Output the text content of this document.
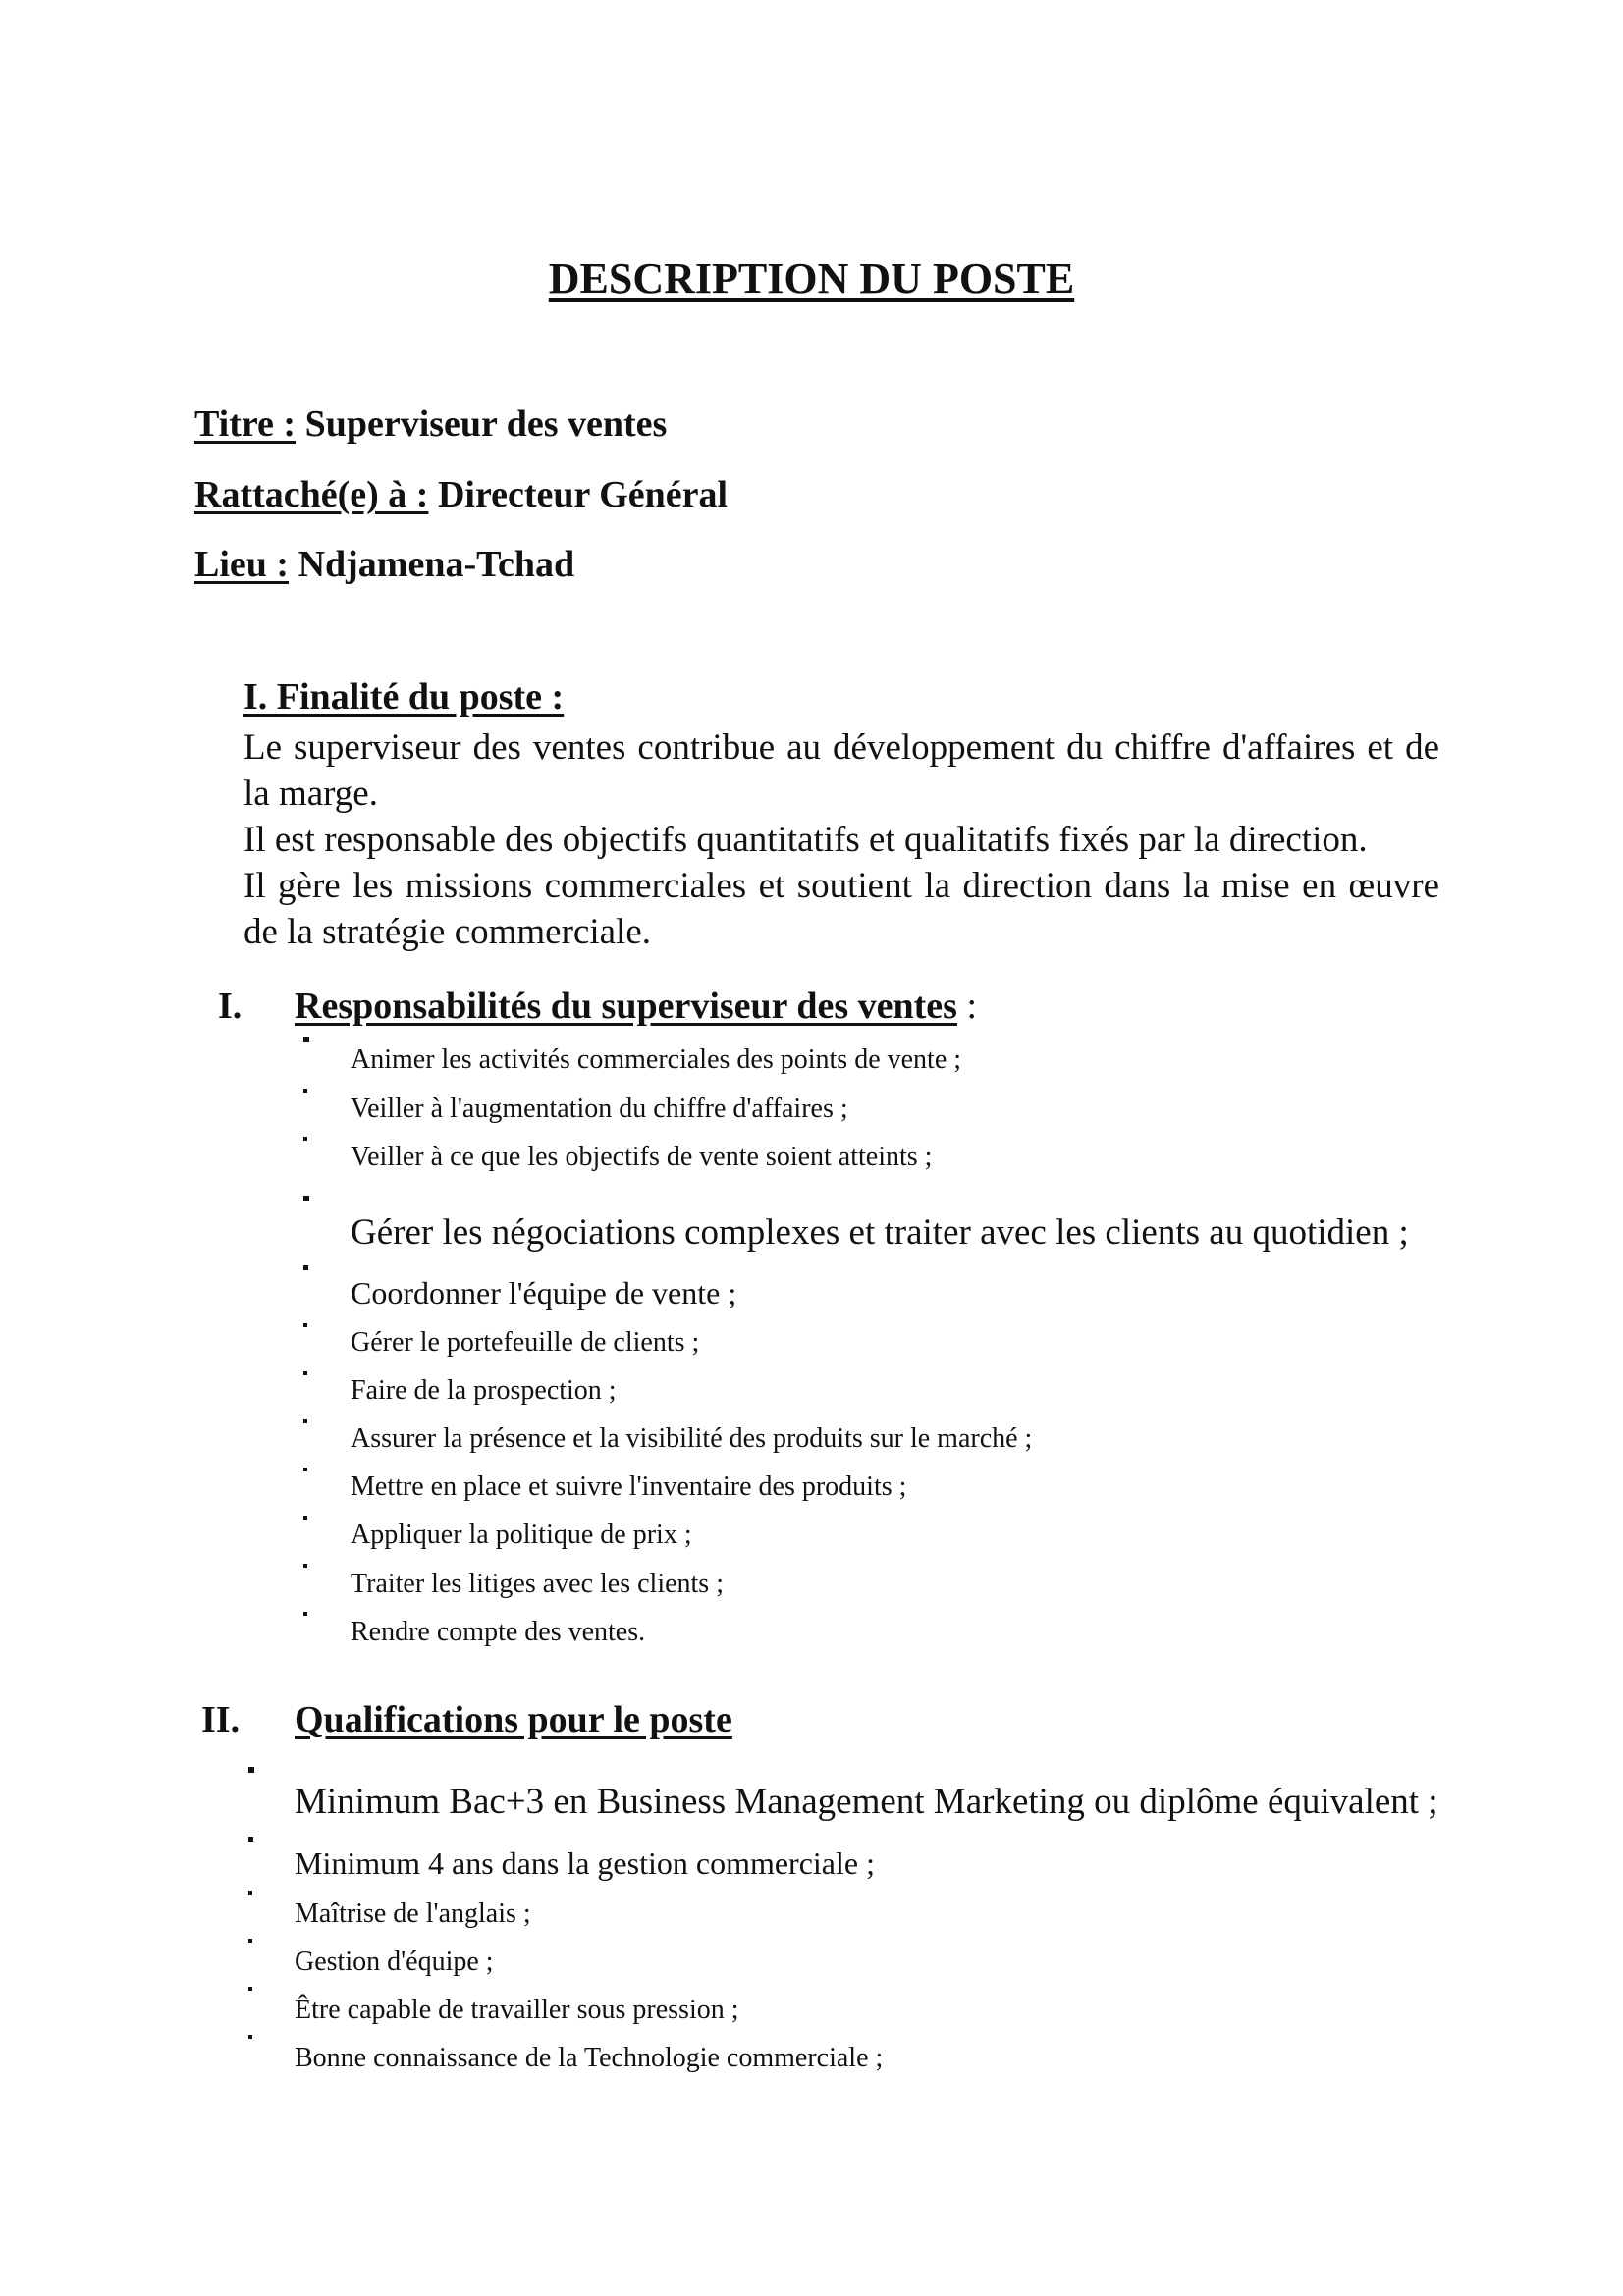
DESCRIPTION DU POSTE
Titre : Superviseur des ventes
Rattaché(e) à : Directeur Général
Lieu : Ndjamena-Tchad
I. Finalité du poste :

Le superviseur des ventes contribue au développement du chiffre d'affaires et de la marge.

Il est responsable des objectifs quantitatifs et qualitatifs fixés par la direction.

Il gère les missions commerciales et soutient la direction dans la mise en œuvre de la stratégie commerciale.

I. Responsabilités du superviseur des ventes :
Animer les activités commerciales des points de vente ;
Veiller à l'augmentation du chiffre d'affaires ;
Veiller à ce que les objectifs de vente soient atteints ;
Gérer les négociations complexes et traiter avec les clients au quotidien ;
Coordonner l'équipe de vente ;
Gérer le portefeuille de clients ;
Faire de la prospection ;
Assurer la présence et la visibilité des produits sur le marché ;
Mettre en place et suivre l'inventaire des produits ;
Appliquer la politique de prix ;
Traiter les litiges avec les clients ;
Rendre compte des ventes.
II. Qualifications pour le poste
Minimum Bac+3 en Business Management Marketing ou diplôme équivalent ;
Minimum 4 ans dans la gestion commerciale ;
Maîtrise de l'anglais ;
Gestion d'équipe ;
Être capable de travailler sous pression ;
Bonne connaissance de la Technologie commerciale ;
